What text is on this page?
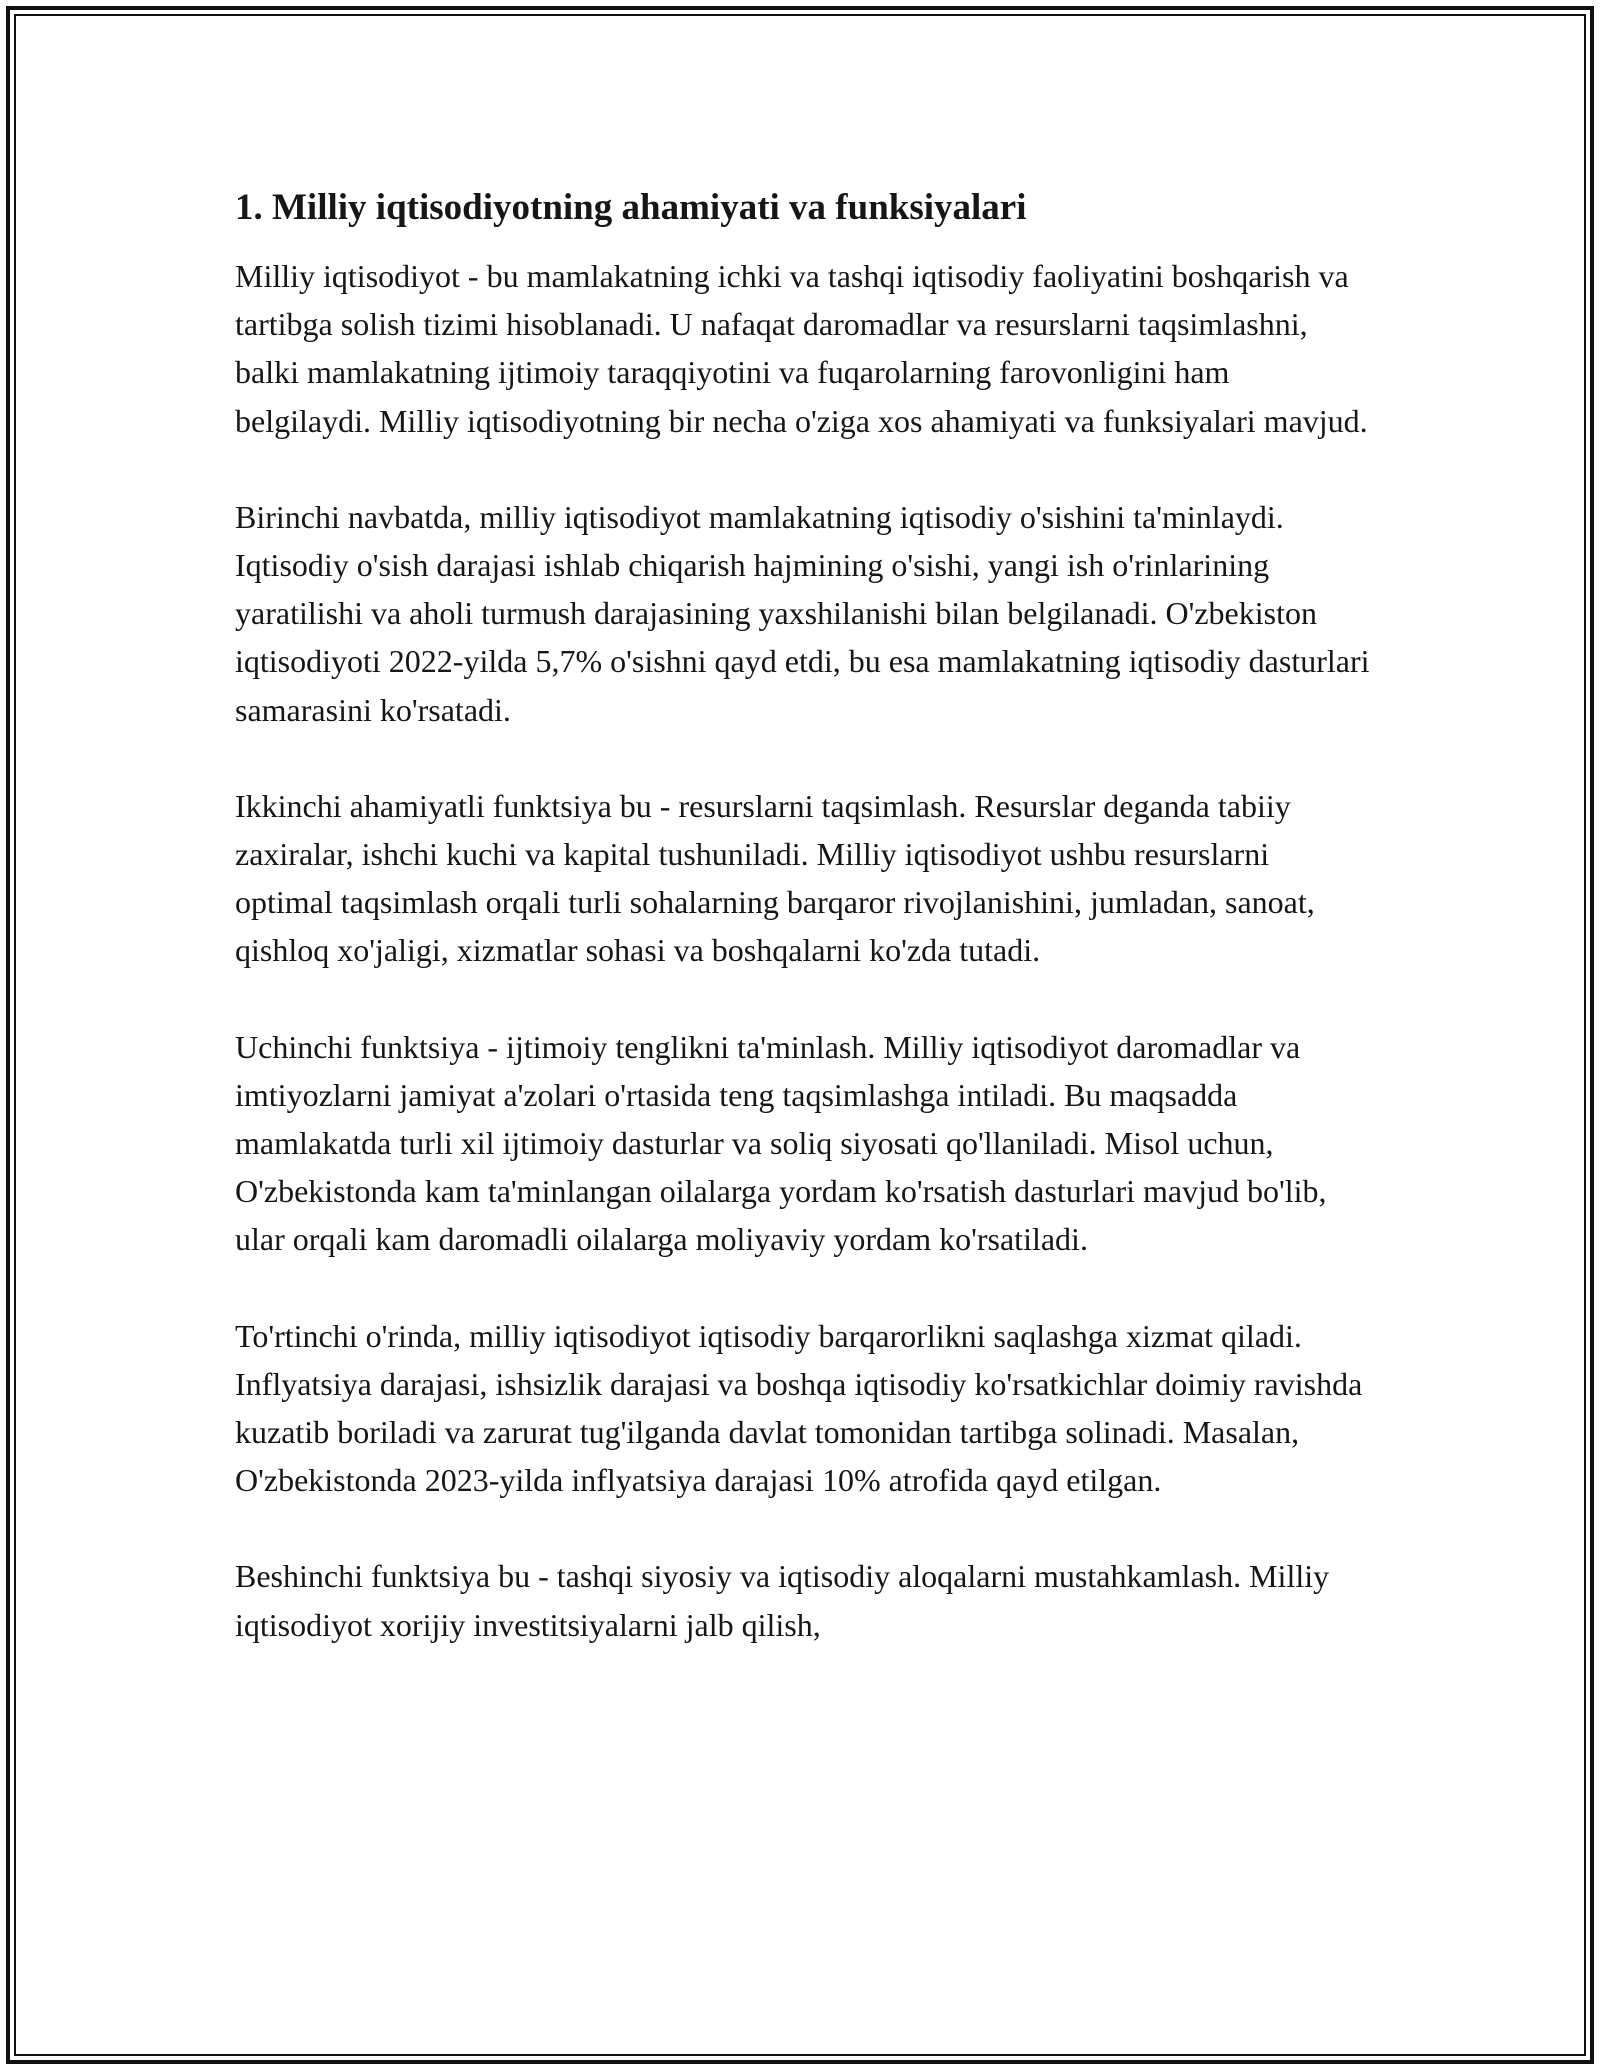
1. Milliy iqtisodiyotning ahamiyati va funksiyalari

Milliy iqtisodiyot - bu mamlakatning ichki va tashqi iqtisodiy faoliyatini boshqarish va tartibga solish tizimi hisoblanadi. U nafaqat daromadlar va resurslarni taqsimlashni, balki mamlakatning ijtimoiy taraqqiyotini va fuqarolarning farovonligini ham belgilaydi. Milliy iqtisodiyotning bir necha o'ziga xos ahamiyati va funksiyalari mavjud.

Birinchi navbatda, milliy iqtisodiyot mamlakatning iqtisodiy o'sishini ta'minlaydi. Iqtisodiy o'sish darajasi ishlab chiqarish hajmining o'sishi, yangi ish o'rinlarining yaratilishi va aholi turmush darajasining yaxshilanishi bilan belgilanadi. O'zbekiston iqtisodiyoti 2022-yilda 5,7% o'sishni qayd etdi, bu esa mamlakatning iqtisodiy dasturlari samarasini ko'rsatadi.

Ikkinchi ahamiyatli funktsiya bu - resurslarni taqsimlash. Resurslar deganda tabiiy zaxiralar, ishchi kuchi va kapital tushuniladi. Milliy iqtisodiyot ushbu resurslarni optimal taqsimlash orqali turli sohalarning barqaror rivojlanishini, jumladan, sanoat, qishloq xo'jaligi, xizmatlar sohasi va boshqalarni ko'zda tutadi.

Uchinchi funktsiya - ijtimoiy tenglikni ta'minlash. Milliy iqtisodiyot daromadlar va imtiyozlarni jamiyat a'zolari o'rtasida teng taqsimlashga intiladi. Bu maqsadda mamlakatda turli xil ijtimoiy dasturlar va soliq siyosati qo'llaniladi. Misol uchun, O'zbekistonda kam ta'minlangan oilalarga yordam ko'rsatish dasturlari mavjud bo'lib, ular orqali kam daromadli oilalarga moliyaviy yordam ko'rsatiladi.

To'rtinchi o'rinda, milliy iqtisodiyot iqtisodiy barqarorlikni saqlashga xizmat qiladi. Inflyatsiya darajasi, ishsizlik darajasi va boshqa iqtisodiy ko'rsatkichlar doimiy ravishda kuzatib boriladi va zarurat tug'ilganda davlat tomonidan tartibga solinadi. Masalan, O'zbekistonda 2023-yilda inflyatsiya darajasi 10% atrofida qayd etilgan.

Beshinchi funktsiya bu - tashqi siyosiy va iqtisodiy aloqalarni mustahkamlash. Milliy iqtisodiyot xorijiy investitsiyalarni jalb qilish,
